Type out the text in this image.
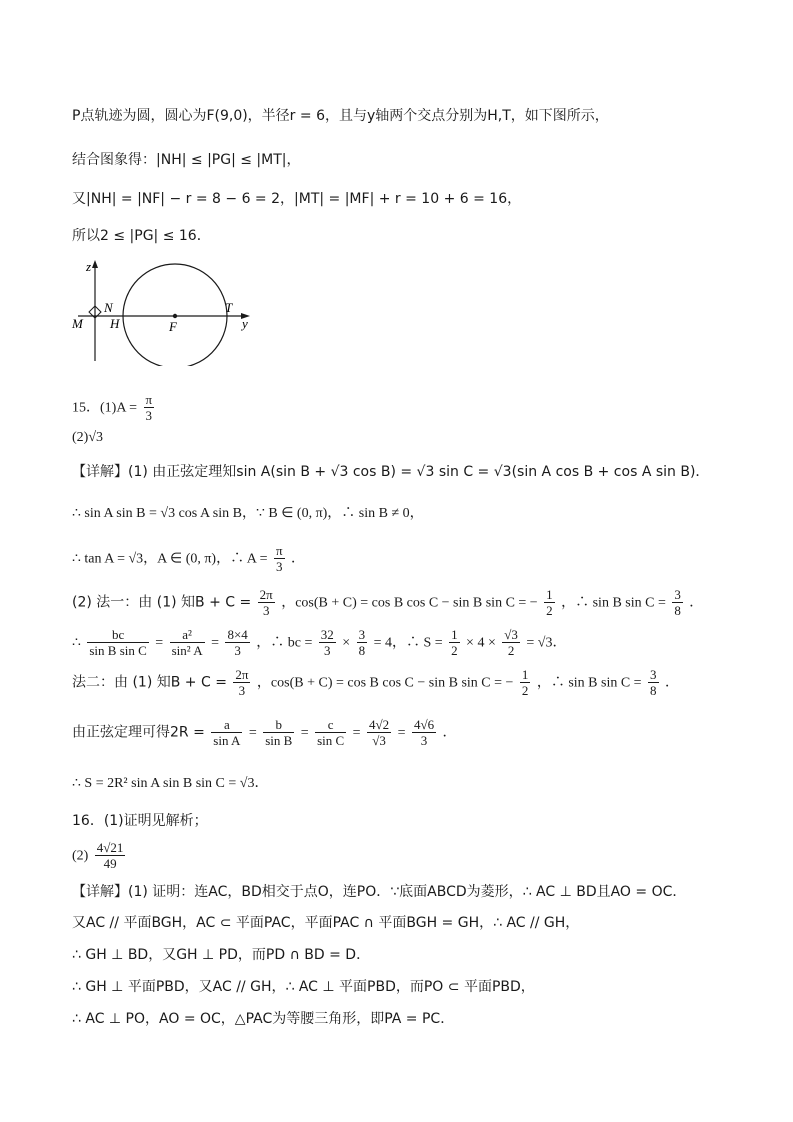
P点轨迹为圆，圆心为F(9,0)，半径r = 6，且与y轴两个交点分别为H,T，如下图所示，
结合图象得：|NH| ≤ |PG| ≤ |MT|，
又|NH| = |NF| − r = 8 − 6 = 2，|MT| = |MF| + r = 10 + 6 = 16，
所以2 ≤ |PG| ≤ 16．
z
y
M
N
H	F
T
15．$(1)A = \frac{\pi}{3}$
(2)√3
【详解】(1) 由正弦定理知sin A(sin B + √3 cos B) = √3 sin C = √3(sin A cos B + cos A sin B)．
∴ sin A sin B = √3 cos A sin B，∵ B ∈ (0, π)，∴ sin B ≠ 0，
∴ tan A = √3，A ∈ (0, π)，∴ $A = \frac{\pi}{3}$ ．
(2) 法一：由 (1) 知$B + C = \frac{2\pi}{3}$ ，cos(B + C) = cos B cos C − sin B sin C = − $\frac{1}{2}$ ，∴ sin B $\sin C = \frac{3}{8}$ ．
∴ $\frac{bc}{\text{sin B sin C}} = \frac{\text{a²}}{\text{sin² A}} = \frac{8\times 4}{3}$ ，∴ bc = $\frac{32}{3} \times \frac{3}{8} = 4$，∴ $S = \frac{1}{2} \times 4 \times \frac{√3}{2} = √3$．
法二：由 (1) 知$B + C = \frac{2\pi}{3}$ ，cos(B + C) = cos B cos C − sin B sin C = − $\frac{1}{2}$ ，∴ sin B $\sin C = \frac{3}{8}$ ．
由正弦定理可得$2R = \frac{a}{\text{sin A}} = \frac{b}{\text{sin B}} = \frac{c}{\text{sin C}} = \frac{4√2}{√3} = \frac{4√6}{3}$ ．
∴ S = 2R² sin A sin B sin C = √3．
16．(1)证明见解析；
$(2) \frac{4√21}{49}$
【详解】(1) 证明：连AC，BD相交于点O，连PO．∵底面ABCD为菱形，∴ AC ⊥ BD且AO = OC．
又AC // 平面BGH，AC ⊂ 平面PAC，平面PAC ∩ 平面BGH = GH，∴ AC // GH，
∴ GH ⊥ BD，又GH ⊥ PD，而PD ∩ BD = D．
∴ GH ⊥ 平面PBD，又AC // GH，∴ AC ⊥ 平面PBD，而PO ⊂ 平面PBD，
∴ AC ⊥ PO，AO = OC，△PAC为等腰三角形，即PA = PC．
